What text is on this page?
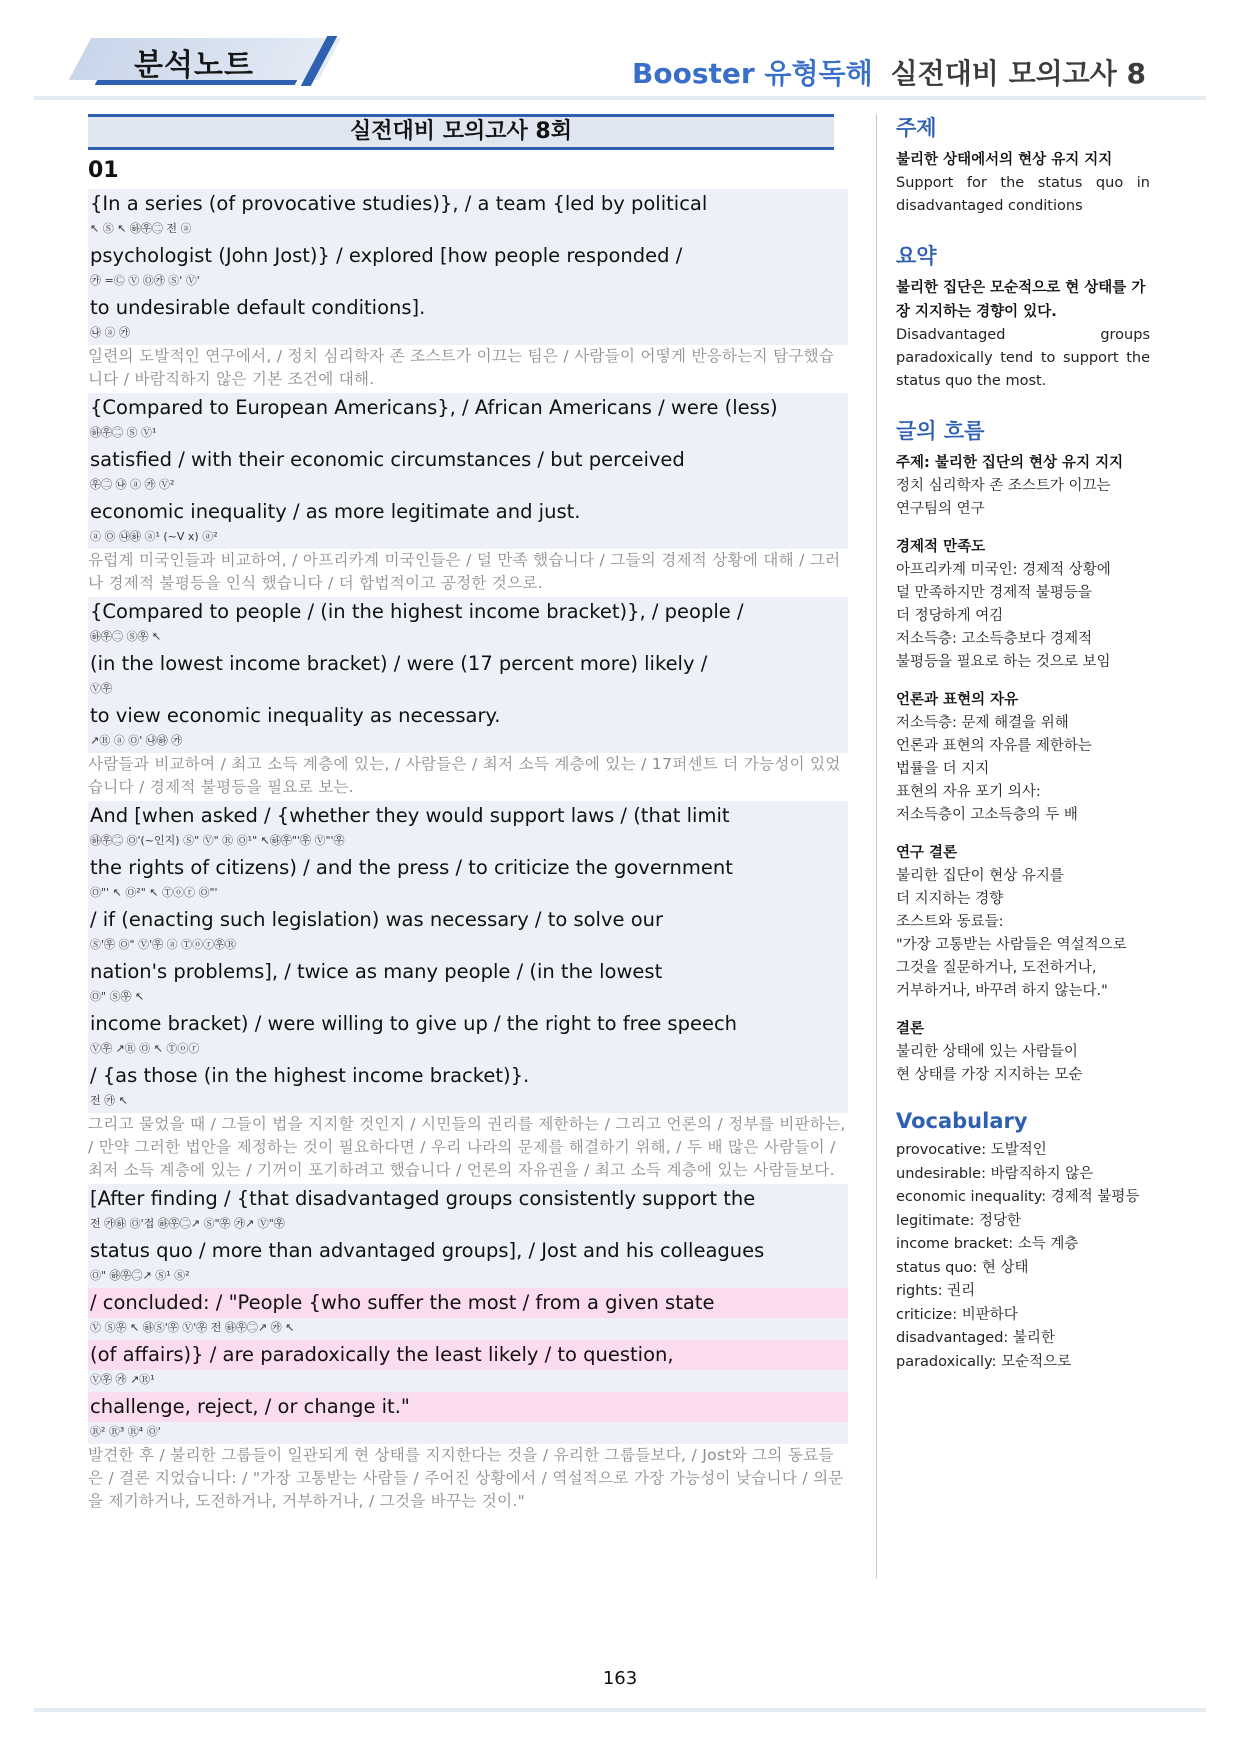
분석노트	Booster 유형독해 실전대비 모의고사 8
실전대비 모의고사 8회
01
{In a series (of provocative studies)}, / a team {led by political
↖ Ⓢ ↖ ㉻㉾㊁ 전 ⓐ
psychologist (John Jost)} / explored [how people responded /
㉮ =Ⓒ Ⓥ Ⓞ㉮ Ⓢ' Ⓥ'
to undesirable default conditions].
㉯ ⓐ ㉮
일련의 도발적인 연구에서, / 정치 심리학자 존 조스트가 이끄는 팀은 / 사람들이 어떻게 반응하는지 탐구했습니다 / 바람직하지 않은 기본 조건에 대해.
{Compared to European Americans}, / African Americans / were (less)
㉻㉾㊁ Ⓢ Ⓥ¹
satisfied / with their economic circumstances / but perceived
㉾㊁ ㉯ ⓐ ㉮ Ⓥ²
economic inequality / as more legitimate and just.
ⓐ Ⓞ ㉯㉻ ⓐ¹ (~V x) ⓐ²
유럽계 미국인들과 비교하여, / 아프리카계 미국인들은 / 덜 만족 했습니다 / 그들의 경제적 상황에 대해 / 그러나 경제적 불평등을 인식 했습니다 / 더 합법적이고 공정한 것으로.
{Compared to people / (in the highest income bracket)}, / people /
㉻㉾㊁ Ⓢ㉾ ↖
(in the lowest income bracket) / were (17 percent more) likely /
Ⓥ㉾
to view economic inequality as necessary.
↗Ⓡ ⓐ Ⓞ' ㉯㉻ ㉮
사람들과 비교하여 / 최고 소득 계층에 있는, / 사람들은 / 최저 소득 계층에 있는 / 17퍼센트 더 가능성이 있었습니다 / 경제적 불평등을 필요로 보는.
And [when asked / {whether they would support laws / (that limit
㉻㉾㊁ Ⓞ'(~인지) Ⓢ" Ⓥ" Ⓡ Ⓞ¹" ↖㉻㉾"'㉾ Ⓥ"'㉾
the rights of citizens) / and the press / to criticize the government
Ⓞ"' ↖ Ⓞ²" ↖ Ⓣⓞⓡ Ⓞ"'
/ if (enacting such legislation) was necessary / to solve our
Ⓢ'㉾ Ⓞ" Ⓥ'㉾ ⓐ Ⓣⓞⓡ㉾Ⓡ
nation's problems], / twice as many people / (in the lowest
Ⓞ" Ⓢ㉾ ↖
income bracket) / were willing to give up / the right to free speech
Ⓥ㉾ ↗Ⓡ Ⓞ ↖ Ⓣⓞⓡ
/ {as those (in the highest income bracket)}.
전 ㉮ ↖
그리고 물었을 때 / 그들이 법을 지지할 것인지 / 시민들의 권리를 제한하는 / 그리고 언론의 / 정부를 비판하는, / 만약 그러한 법안을 제정하는 것이 필요하다면 / 우리 나라의 문제를 해결하기 위해, / 두 배 많은 사람들이 / 최저 소득 계층에 있는 / 기꺼이 포기하려고 했습니다 / 언론의 자유권을 / 최고 소득 계층에 있는 사람들보다.
[After finding / {that disadvantaged groups consistently support the
전 ㉮㉻ Ⓞ'접 ㉻㉾㊁↗ Ⓢ"㉾ ㉮↗ Ⓥ"㉾
status quo / more than advantaged groups], / Jost and his colleagues
Ⓞ" ㉻㉾㊁↗ Ⓢ¹ Ⓢ²
/ concluded: / "People {who suffer the most / from a given state
Ⓥ Ⓢ㉾ ↖ ㉻Ⓢ'㉾ Ⓥ'㉾ 전 ㉻㉾㊁↗ ㉮ ↖
(of affairs)} / are paradoxically the least likely / to question,
Ⓥ㉾ ㉮ ↗Ⓡ¹
challenge, reject, / or change it."
Ⓡ² Ⓡ³ Ⓡ⁴ Ⓞ'
발견한 후 / 불리한 그룹들이 일관되게 현 상태를 지지한다는 것을 / 유리한 그룹들보다, / Jost와 그의 동료들은 / 결론 지었습니다: / "가장 고통받는 사람들 / 주어진 상황에서 / 역설적으로 가장 가능성이 낮습니다 / 의문을 제기하거나, 도전하거나, 거부하거나, / 그것을 바꾸는 것이."
주제
불리한 상태에서의 현상 유지 지지
Support for the status quo in disadvantaged conditions
요약
불리한 집단은 모순적으로 현 상태를 가장 지지하는 경향이 있다.
Disadvantaged groups paradoxically tend to support the status quo the most.
글의 흐름
주제: 불리한 집단의 현상 유지 지지
정치 심리학자 존 조스트가 이끄는
연구팀의 연구
경제적 만족도
아프리카계 미국인: 경제적 상황에
덜 만족하지만 경제적 불평등을
더 정당하게 여김
저소득층: 고소득층보다 경제적
불평등을 필요로 하는 것으로 보임
언론과 표현의 자유
저소득층: 문제 해결을 위해
언론과 표현의 자유를 제한하는
법률을 더 지지
표현의 자유 포기 의사:
저소득층이 고소득층의 두 배
연구 결론
불리한 집단이 현상 유지를
더 지지하는 경향
조스트와 동료들:
"가장 고통받는 사람들은 역설적으로
그것을 질문하거나, 도전하거나,
거부하거나, 바꾸려 하지 않는다."
결론
불리한 상태에 있는 사람들이
현 상태를 가장 지지하는 모순
Vocabulary
provocative: 도발적인
undesirable: 바람직하지 않은
economic inequality: 경제적 불평등
legitimate: 정당한
income bracket: 소득 계층
status quo: 현 상태
rights: 권리
criticize: 비판하다
disadvantaged: 불리한
paradoxically: 모순적으로
163
